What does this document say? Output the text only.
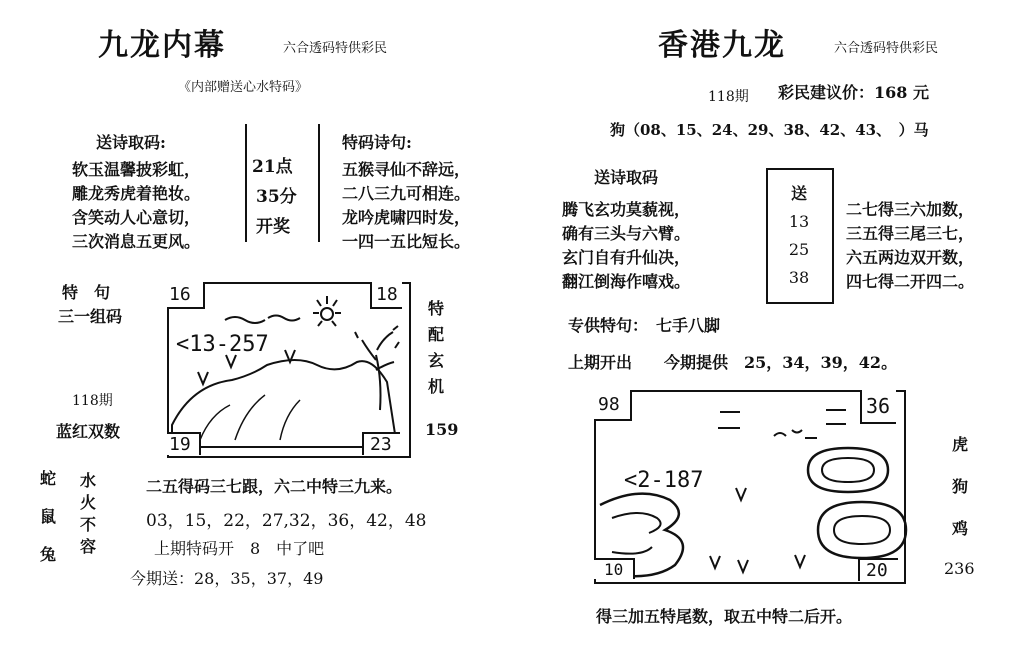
九龙内幕	六合透码特供彩民
《内部赠送心水特码》
送诗取码:
软玉温馨披彩虹，
雕龙秀虎着艳妆。
含笑动人心意切，
三次消息五更风。
21点
35分
开奖
特码诗句:
五猴寻仙不辞远，
二八三九可相连。
龙吟虎啸四时发，
一四一五比短长。
特　句
三一组码
118期
蓝红双数
<13-257
16	18
19	23
特
配
玄
机
159
蛇
鼠
兔
水
火
不
容
二五得码三七跟，六二中特三九来。
03，15，22，27,32，36，42，48
上期特码开　8　中了吧
今期送：28，35，37，49
香港九龙	六合透码特供彩民
118期 彩民建议价：168 元
狗（08、15、24、29、38、42、43、　）马
送诗取码
腾飞玄功莫藐视，
确有三头与六臂。
玄门自有升仙决，
翻江倒海作嘻戏。
送
13
25
38
二七得三六加数，
三五得三尾三七，
六五两边双开数，
四七得二开四二。
专供特句：　七手八脚
上期开出　　今期提供　25，34，39，42。
<2-187
98	36
10	20
虎
狗
鸡
236
得三加五特尾数，取五中特二后开。
